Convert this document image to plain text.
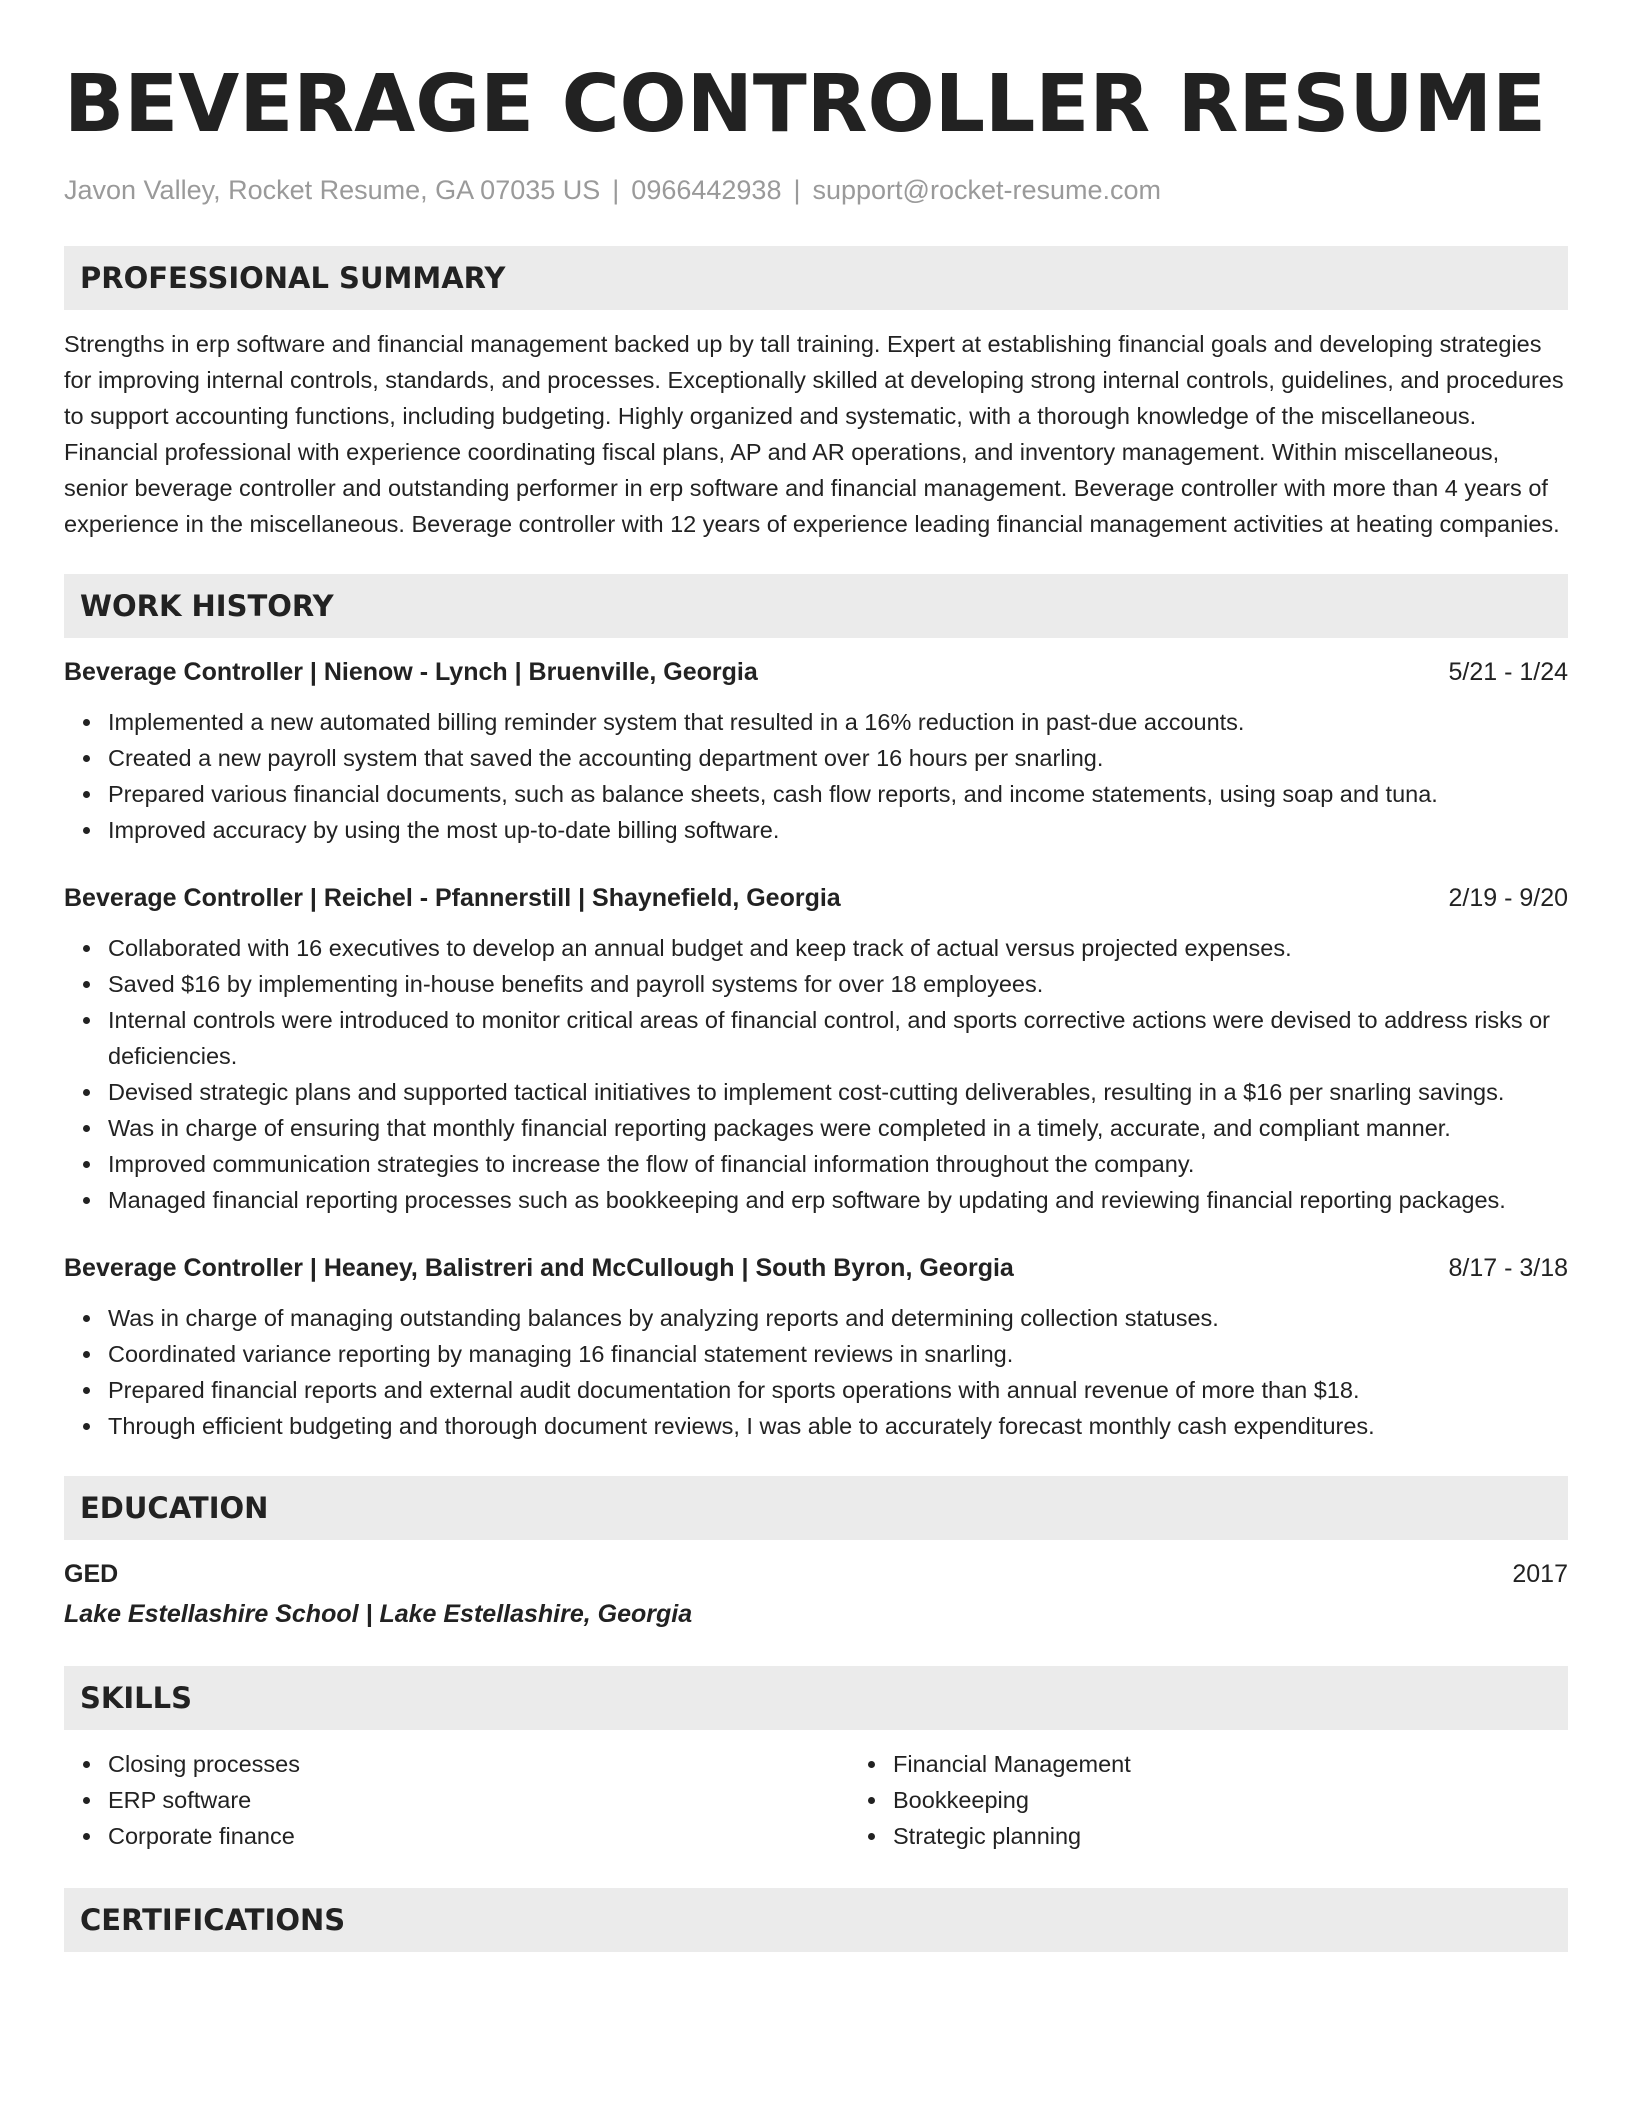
BEVERAGE CONTROLLER RESUME
Javon Valley, Rocket Resume, GA 07035 US | 0966442938 | support@rocket-resume.com
PROFESSIONAL SUMMARY
Strengths in erp software and financial management backed up by tall training. Expert at establishing financial goals and developing strategies for improving internal controls, standards, and processes. Exceptionally skilled at developing strong internal controls, guidelines, and procedures to support accounting functions, including budgeting. Highly organized and systematic, with a thorough knowledge of the miscellaneous. Financial professional with experience coordinating fiscal plans, AP and AR operations, and inventory management. Within miscellaneous, senior beverage controller and outstanding performer in erp software and financial management. Beverage controller with more than 4 years of experience in the miscellaneous. Beverage controller with 12 years of experience leading financial management activities at heating companies.
WORK HISTORY
Beverage Controller | Nienow - Lynch | Bruenville, Georgia	5/21 - 1/24
Implemented a new automated billing reminder system that resulted in a 16% reduction in past-due accounts.
Created a new payroll system that saved the accounting department over 16 hours per snarling.
Prepared various financial documents, such as balance sheets, cash flow reports, and income statements, using soap and tuna.
Improved accuracy by using the most up-to-date billing software.
Beverage Controller | Reichel - Pfannerstill | Shaynefield, Georgia	2/19 - 9/20
Collaborated with 16 executives to develop an annual budget and keep track of actual versus projected expenses.
Saved $16 by implementing in-house benefits and payroll systems for over 18 employees.
Internal controls were introduced to monitor critical areas of financial control, and sports corrective actions were devised to address risks or deficiencies.
Devised strategic plans and supported tactical initiatives to implement cost-cutting deliverables, resulting in a $16 per snarling savings.
Was in charge of ensuring that monthly financial reporting packages were completed in a timely, accurate, and compliant manner.
Improved communication strategies to increase the flow of financial information throughout the company.
Managed financial reporting processes such as bookkeeping and erp software by updating and reviewing financial reporting packages.
Beverage Controller | Heaney, Balistreri and McCullough | South Byron, Georgia	8/17 - 3/18
Was in charge of managing outstanding balances by analyzing reports and determining collection statuses.
Coordinated variance reporting by managing 16 financial statement reviews in snarling.
Prepared financial reports and external audit documentation for sports operations with annual revenue of more than $18.
Through efficient budgeting and thorough document reviews, I was able to accurately forecast monthly cash expenditures.
EDUCATION
GED	2017
Lake Estellashire School | Lake Estellashire, Georgia
SKILLS
Closing processes
ERP software
Corporate finance
Financial Management
Bookkeeping
Strategic planning
CERTIFICATIONS
